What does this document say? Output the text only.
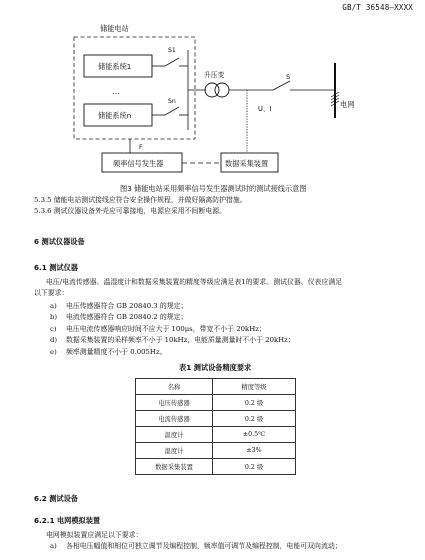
GB/T 36548—XXXX
储能电站
储能系统1
S1
…
储能系统n
Sn
升压变	S
U、I	电网
F
频率信号发生器	数据采集装置
图3 储能电站采用频率信号发生器测试时的测试接线示意图
5.3.5 储能电站测试接线应符合安全操作规程，并做好隔离防护措施。
5.3.6 测试仪器设备外壳应可靠接地，电源应采用不间断电源。
6 测试仪器设备
6.1 测试仪器
电压/电流传感器、温湿度计和数据采集装置的精度等级应满足表1的要求。测试仪器、仪表应满足
以下要求：
a) 电压传感器符合 GB 20840.3 的规定；
b) 电流传感器符合 GB 20840.2 的规定；
c) 电压电流传感器响应时间不应大于 100μs，带宽不小于 20kHz；
d) 数据采集装置的采样频率不小于 10kHz，电能质量测量时不小于 20kHz；
e) 频率测量精度不小于 0.005Hz。
表1 测试设备精度要求
名称	精度等级
电压传感器	0.2 级
电流传感器	0.2 级
温度计	±0.5℃
湿度计	±3%
数据采集装置	0.2 级
6.2 测试设备
6.2.1 电网模拟装置
电网模拟装置应满足以下要求：
a) 各相电压幅值和相位可独立调节及编程控制，频率值可调节及编程控制，电能可双向流动；
